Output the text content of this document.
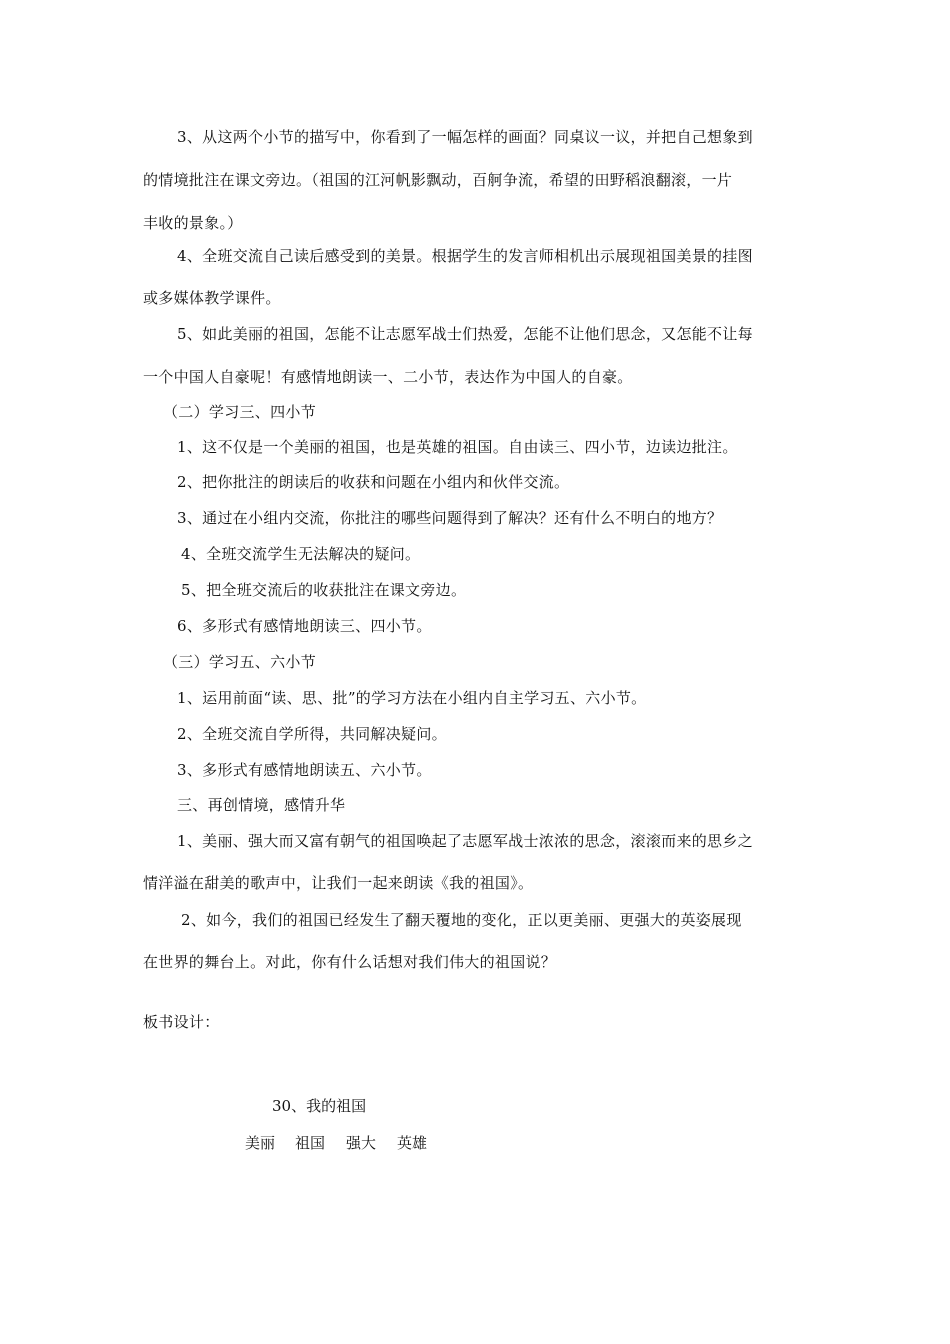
3、从这两个小节的描写中，你看到了一幅怎样的画面？同桌议一议，并把自己想象到
的情境批注在课文旁边。（祖国的江河帆影飘动，百舸争流，希望的田野稻浪翻滚，一片
丰收的景象。）
4、全班交流自己读后感受到的美景。根据学生的发言师相机出示展现祖国美景的挂图
或多媒体教学课件。
5、如此美丽的祖国，怎能不让志愿军战士们热爱，怎能不让他们思念，又怎能不让每
一个中国人自豪呢！有感情地朗读一、二小节，表达作为中国人的自豪。
（二）学习三、四小节
1、这不仅是一个美丽的祖国，也是英雄的祖国。自由读三、四小节，边读边批注。
2、把你批注的朗读后的收获和问题在小组内和伙伴交流。
3、通过在小组内交流，你批注的哪些问题得到了解决？还有什么不明白的地方？
4、全班交流学生无法解决的疑问。
5、把全班交流后的收获批注在课文旁边。
6、多形式有感情地朗读三、四小节。
（三）学习五、六小节
1、运用前面“读、思、批”的学习方法在小组内自主学习五、六小节。
2、全班交流自学所得，共同解决疑问。
3、多形式有感情地朗读五、六小节。
三、再创情境，感情升华
1、美丽、强大而又富有朝气的祖国唤起了志愿军战士浓浓的思念，滚滚而来的思乡之
情洋溢在甜美的歌声中，让我们一起来朗读《我的祖国》。
2、如今，我们的祖国已经发生了翻天覆地的变化，正以更美丽、更强大的英姿展现
在世界的舞台上。对此，你有什么话想对我们伟大的祖国说？
板书设计：
30、我的祖国
美丽 祖国 强大 英雄
